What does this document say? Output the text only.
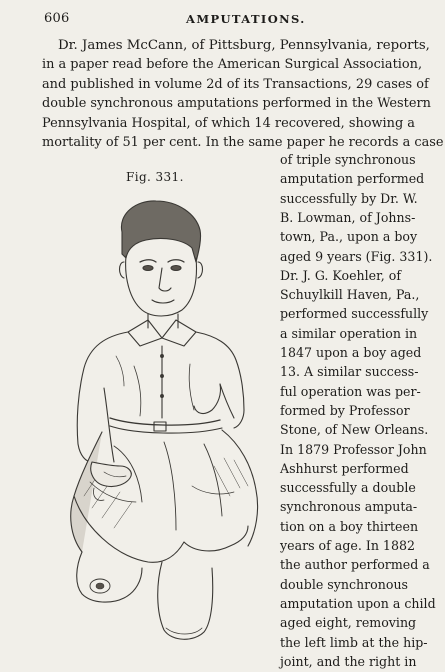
606	AMPUTATIONS.
Dr. James McCann, of Pittsburg, Pennsylvania, reports,
in a paper read before the American Surgical Association,
and published in volume 2d of its Transactions, 29 cases of
double synchronous amputations performed in the Western
Pennsylvania Hospital, of which 14 recovered, showing a
mortality of 51 per cent. In the same paper he records a case
Fig. 331.
of triple synchronous
amputation performed
successfully by Dr. W.
B. Lowman, of Johns-
town, Pa., upon a boy
aged 9 years (Fig. 331).
Dr. J. G. Koehler, of
Schuylkill Haven, Pa.,
performed successfully
a similar operation in
1847 upon a boy aged
13. A similar success-
ful operation was per-
formed by Professor
Stone, of New Orleans.
In 1879 Professor John
Ashhurst performed
successfully a double
synchronous amputa-
tion on a boy thirteen
years of age. In 1882
the author performed a
double synchronous
amputation upon a child
aged eight, removing
the left limb at the hip-
joint, and the right in
